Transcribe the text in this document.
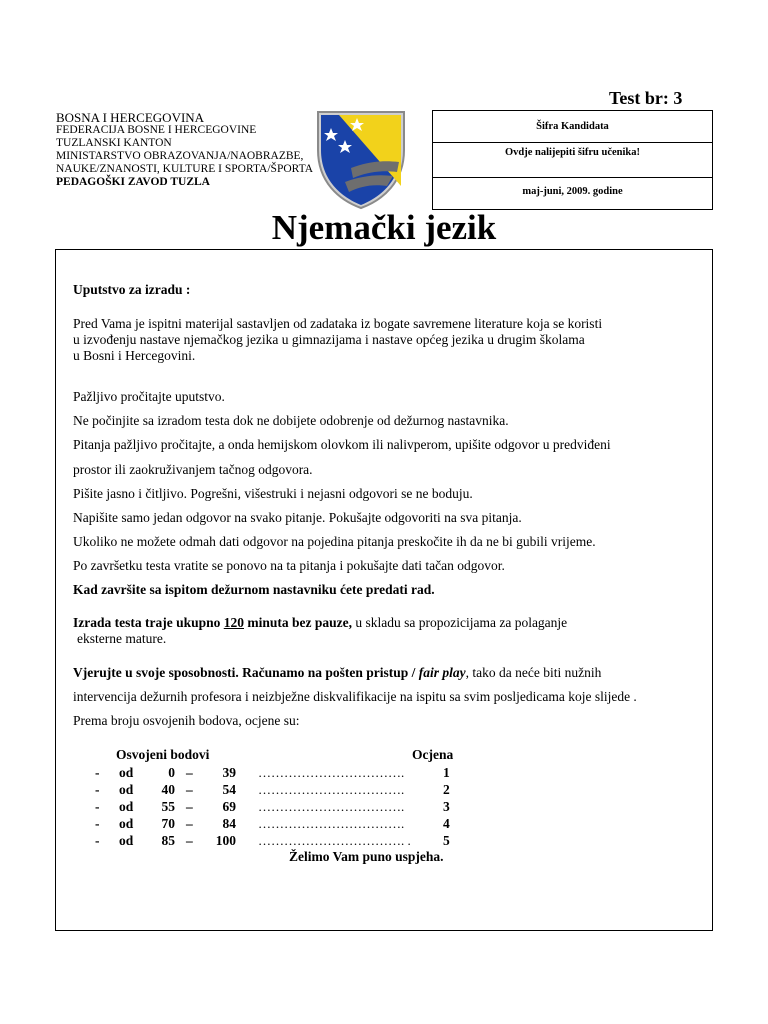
Test br: 3
BOSNA I HERCEGOVINA
FEDERACIJA BOSNE I HERCEGOVINE
TUZLANSKI KANTON
MINISTARSTVO OBRAZOVANJA/NAOBRAZBE,
NAUKE/ZNANOSTI, KULTURE I SPORTA/ŠPORTA
PEDAGOŠKI ZAVOD TUZLA
Šifra Kandidata
Ovdje nalijepiti šifru učenika!
maj-juni, 2009. godine
Njemački jezik
Uputstvo za izradu :
Pred Vama je ispitni materijal sastavljen od zadataka iz bogate savremene literature koja se koristi
u izvođenju nastave njemačkog jezika u gimnazijama i nastave općeg jezika u drugim školama
u Bosni i Hercegovini.
Pažljivo pročitajte uputstvo.
Ne počinjite sa izradom testa dok ne dobijete odobrenje od dežurnog nastavnika.
Pitanja pažljivo pročitajte, a onda hemijskom olovkom ili nalivperom, upišite odgovor u predviđeni
prostor ili zaokruživanjem tačnog odgovora.
Pišite jasno i čitljivo. Pogrešni, višestruki i nejasni odgovori se ne boduju.
Napišite samo jedan odgovor na svako pitanje. Pokušajte odgovoriti na sva pitanja.
Ukoliko ne možete odmah dati odgovor na pojedina pitanja preskočite ih da ne bi gubili vrijeme.
Po završetku testa vratite se ponovo na ta pitanja i pokušajte dati tačan odgovor.
Kad završite sa ispitom dežurnom nastavniku ćete predati rad.
Izrada testa traje ukupno 120 minuta bez pauze, u skladu sa propozicijama za polaganje
eksterne mature.
Vjerujte u svoje sposobnosti. Računamo na pošten pristup / fair play, tako da neće biti nužnih
intervencija dežurnih profesora i neizbježne diskvalifikacije na ispitu sa svim posljedicama koje slijede .
Prema broju osvojenih bodova, ocjene su:
Osvojeni bodovi	Ocjena
- od	0 –	39 …………………………….	1
- od	40 –	54 …………………………….	2
- od	55 –	69 …………………………….	3
- od	70 –	84 …………………………….	4
- od	85 –	100 ……………………………. . 5
Želimo Vam puno uspjeha.
